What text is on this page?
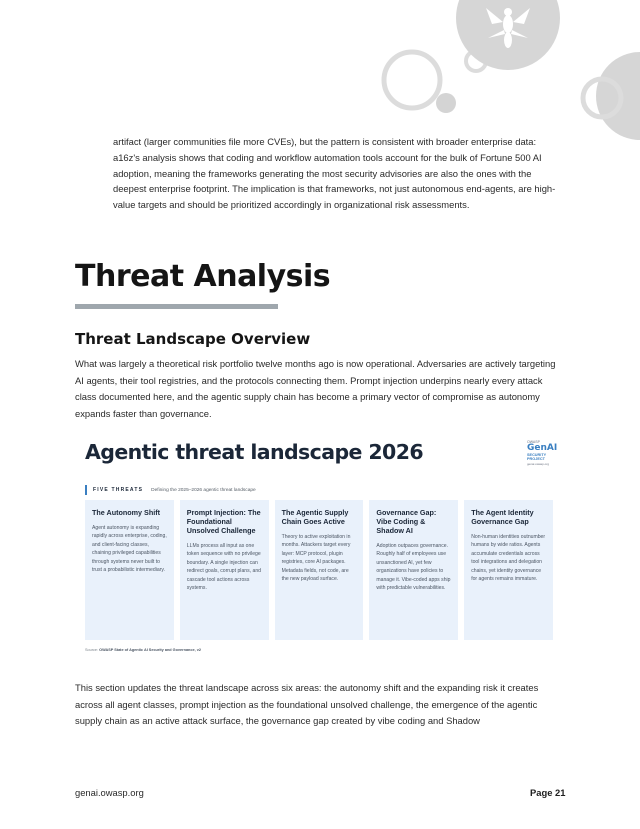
artifact (larger communities file more CVEs), but the pattern is consistent with broader enterprise data: a16z's analysis shows that coding and workflow automation tools account for the bulk of Fortune 500 AI adoption, meaning the frameworks generating the most security advisories are also the ones with the deepest enterprise footprint. The implication is that frameworks, not just autonomous end-agents, are high-value targets and should be prioritized accordingly in organizational risk assessments.

Threat Analysis
Threat Landscape Overview

What was largely a theoretical risk portfolio twelve months ago is now operational. Adversaries are actively targeting AI agents, their tool registries, and the protocols connecting them. Prompt injection underpins nearly every attack class documented here, and the agentic supply chain has become a primary vector of compromise as autonomy expands faster than governance.

Agentic threat landscape 2026	OWASP
GenAI
SECURITY
PROJECT
genai.owasp.org
FIVE THREATS Defining the 2025–2026 agentic threat landscape
The Autonomy Shift
Agent autonomy is expanding rapidly across enterprise, coding, and client-facing classes, chaining privileged capabilities through systems never built to trust a probabilistic intermediary.
Prompt Injection: The Foundational Unsolved Challenge
LLMs process all input as one token sequence with no privilege boundary. A single injection can redirect goals, corrupt plans, and cascade tool actions across systems.
The Agentic Supply Chain Goes Active
Theory to active exploitation in months. Attackers target every layer: MCP protocol, plugin registries, core AI packages. Metadata fields, not code, are the new payload surface.
Governance Gap: Vibe Coding & Shadow AI
Adoption outpaces governance. Roughly half of employees use unsanctioned AI, yet few organizations have policies to manage it. Vibe-coded apps ship with predictable vulnerabilities.
The Agent Identity Governance Gap
Non-human identities outnumber humans by wide ratios. Agents accumulate credentials across tool integrations and delegation chains, yet identity governance for agents remains immature.
Source: OWASP State of Agentic AI Security and Governance, v2

This section updates the threat landscape across six areas: the autonomy shift and the expanding risk it creates across all agent classes, prompt injection as the foundational unsolved challenge, the emergence of the agentic supply chain as an active attack surface, the governance gap created by vibe coding and Shadow

genai.owasp.org	Page 21
